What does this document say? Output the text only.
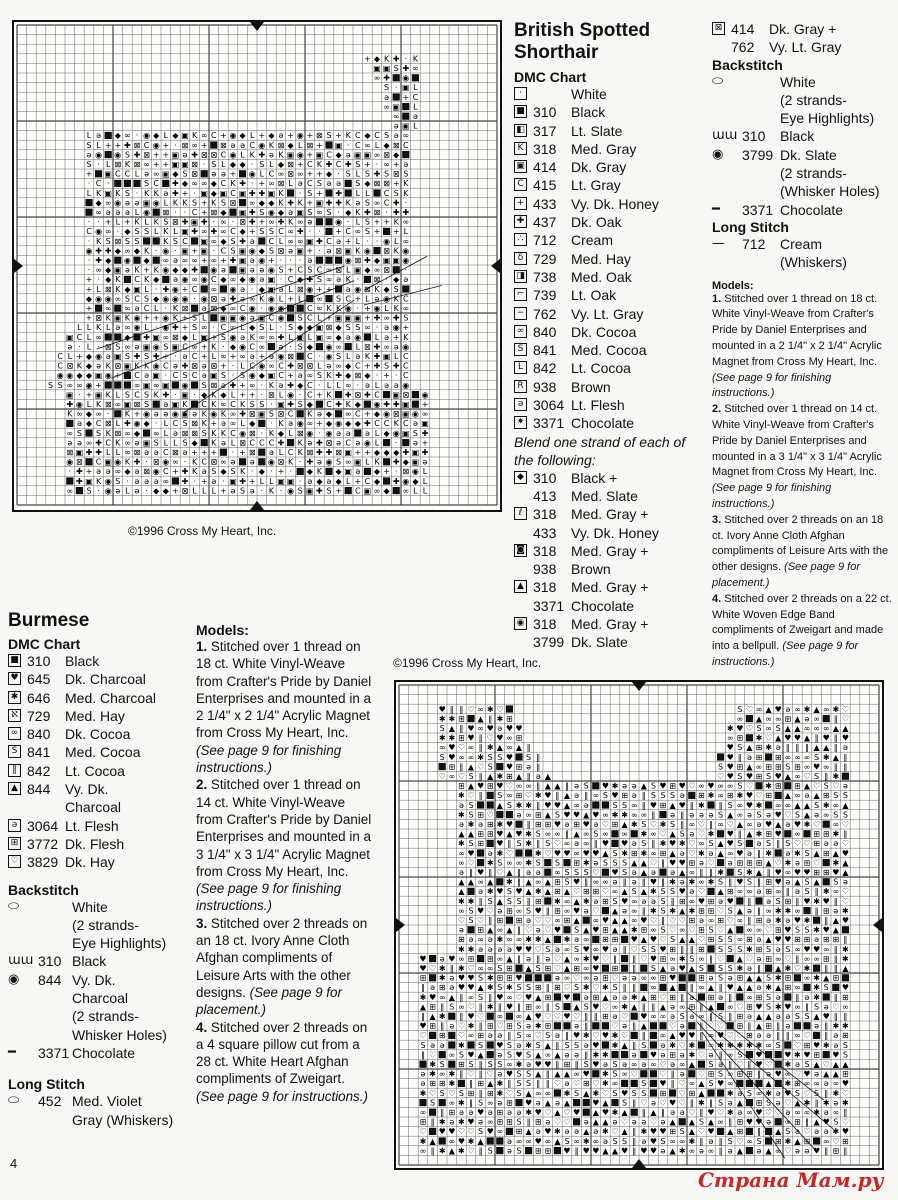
+ ◆ K ✚ · K
▣ ▣ S ✚ ∞
∞ ✚ ◉
S · ▣ L
ə + C
∞ ▣ L
∞ ə
ə ▣ L
L ə ◆ ∞ · ◉ ◆ L ◆ ▣ K ∞ C + ◉ ◆ L + ◆ ə + ◉ + ⊠ S + K C ◆ C S ə ∞
S L + + ✚ ⊠ C ◉ + · ⊠ ∞ + ⊠ ə ə C ◉ K ⊠ ◆ L ⊠ + ▣ · C ∞ L ◆ ⊠ C
ə ◉ ◉ S ✚ ⊠ + + ▣ ə ✚ ⊠ ⊠ C ◉ L K ✚ ə K ▣ ◉ + ▣ C ◆ ə ▣ ▣ ∞ ⊠ ◆
S · L ⊠ K ⊠ ∞ + + ▣ ▣ ⊠ · S L ◆ ◆ · S L ◆ ⊠ + C K ✚ C ✚ S + · ∞ + ə
+ ▣ C C L ə ∞ ▣ ◆ S ⊠ ə ə + ◉ L C ∞ ⊠ ∞ + + ◆ · S L S ✚ S ⊠ S
· C ·	S C ✚ ◆ ∞ ∞ ◆ C K ✚ · + ∞ ⊠ L ə C S ə ə S ◆ ⊠ ⊠ + K
L K ▣ K S · K K ə ✚ + · ▣ ◆ ▣ C ▣ ✚ ✚ ▣ K · S + ✚ L L C S K
◆ ∞ ◉ ə ə ▣ ◉ L K K S + K S ⊠ ∞ ◆ ◆ K ✚ K + ▣ ✚ ✚ K ə S ∞ C ✚ ·
∞ ə ə ə L ◉ ⊠ · · C + ⊠ ◆ ▣ ✚ S ◉ ◆ ə ▣ S ∞ S · ◆ K ✚ ⊠ · ✚ ✚
· · + L + K L K S ⊠ ✚ ▣ ✚ · ∞ · ⊠ ✚ + ∞ ✚ K ∞ ə	◉ · L S + + K ∞
C ◉ ∞ · ◆ S S L K L ▣ ✚ ∞ ✚ ∞ C ◆ + S S C ∞ ✚ · · + C ∞ S + + L
· K S ⊠ S S	K S C ▣ ∞ ◆ S ✚ ə C L ∞ ∞ ▣ ✚ C ə + L · · ◉ L ∞
◉ ✚ ✚ ◆ ∞ ◆ K · ◉ · ▣ + ▣ · C S ▣ ◉ ◆ S ⊠ ə ▣ + · ə ⊠ ▣ K ◉ ⊠ K ◉
· ✚ ◆ ◉ ◆ ∞ ə ∞ ∞ + ∞ + ✚ ▣ ə ◉ + · · · ə	◉ ⊠ ✚ ◆ ▣ ▣ ◉
· ∞ ◆ ▣ ə K + K ◉ ◆ ◆ ✚ ◉ ə ▣ ə ə ◉ S + C S C ∞ ⊠ L ▣ ◆ ∞ ⊠ ·
+ · ◆ K C K ◆ ə ◉ ∞ ◉ C ◆ ∞ ◆ ◉ ə ▣ · C ◆ ✚ S ∞ ə K · ⊠ · ◆ ə
+ L ⊠ K ◆ ▣ L · ✚ ◉ + C ∞ ◉ ə · ◆ ▣ ə L ⊠ ◉ + + ə ◉ ⊠ K ◆ S
◆ ◉ ◉ ∞ S C S ◆ ◉ ◉ ◉ · ◉ ⊠ ə ✚ ə ∞ K ◉ L + L ∞ S C + L ə ◉ K C
+ ∞ ∞ ə C L · K ⊠ ə ⊠ ◆ ∞ C ◉ · ◉ ◉	C ∞ K K ◉ · + ◉ L K ∞
+ ⊠ K ▣ K ◉ + + ◉ K + S L ▣ ▣ ◉ ə ▣ C ◉ S C L + ▣ ▣ ▣ + ✚ ∞ ✚ S
L L K L ə ∞ ◉ L · ◉ ✚ + S ∞ · C ∞ L ◆ S L · S ◆ ◆ ▣ ⊠ ◆ S S ∞ · ə ◉ +
▣ C L ∞	◆ ✚ ▣ ∞ ⊠ ◆ L ▣ + S ◉ ə K ∞ ∞ ✚ L ▣ L ▣ ∞ ◆ ə ◉ L ə + K
ə · L · ⊠ S ∞ ə ▣ ◉ S ▣ C ∞ + K · ◆ ◉ C ∞ ə · S ◆ ◉ ∞ L ⊠ ✚ ∞ ə ◉
C L + ◆ ◉ ə ▣ S ✚ S ✚ + · ə C + L ∞ + ∞ ə + ə ◉ ⊠ C · ◉ S L ə K ✚ ▣ L C
C ⊠ K ◆ ə K ⊠ ▣ K K ◉ C ə ✚ ⊠ ə ⊠ + · L C ◉ ∞ C ✚ ⊠ ⊠ L ə ∞ ◆ C + ✚ S ✚ C
◉ ◉ ◆ ◆ ▣ ◉ + C ə ▣ · C S C ə ▣ S · S ◉ ◆ ▣ C + ə ∞ S K ✚ ◆ ⊠ ◆ · + · C
S S ∞ ∞ ◉ +	∞ ▣ ∞ ▣ ◉ S ⊠ ə ✚ + ∞ · K ə ✚ ◆ C · L L ∞ · ə L ə ə ◉
▣ · + ▣ K L S C S K ✚ · ▣ · ◆ K ◆ L + + · ⊠ L ◉ · C + K ✚ ⊠ ✚ C ▣ ⊠ ◉
✚ ◉ L K ⊠ ∞ ▣ ⊠ S ə ▣ K C K ∞ C K S S · ▣ ✚ S ◆ C ✚ K ◆ ◉ ✚ ✚ ▣ +
K ∞ ◆ ∞ · K + ◉ ə ə ◉ ▣ ə K ◉ K ∞ ✚ ⊠ ▣ S ⊠ C K ə ◆ ∞ C + ◆ ◉ ⊠ ▣ ◉ ∞
ə ◆ C ⊠ L ✚ ◉ ◆ · L C S ⊠ K + ə ∞ L ◆ · K ə ◉ ∞ + ◆ ◉ ◆ ◆ ✚ C C K C ə ▣
∞ S S K ⊠ ∞ ◆ ∞ L ə ⊠ ⊠ S K K C ◉ ⊠ · K ◆ L ⊠ ◉ · ◉ ə ə ə L ◆ ◉ ▣ S ✚
ə ə ∞ ✚ C K ∞ ə ▣ S L L S ◆ K ə L ⊠ C C C ✚ K ə ✚ ⊠ ə C ə ◉ L · ə +
⊠ ▣ ✚ ✚ L L ∞ ⊠ ə ə C ⊠ ə + + + · + ⊠ ə L C K ⊠ ✚ ✚ ⊠ ▣ + + ◆ ◆ ◆ ✚ ▣ ✚
◉ ⊠ C ▣ ◉ K ✚ · ⊠ ◉ ∞ · K C ⊠ ∞ ə ə ◉ ⊠ K · ✚ ə ◉ S ∞ ▣ L K ✚ ◆ ▣ ə
· ✚ + ə ə ∞ ◆ ə ⊠ ◉ C + ✚ K ə S ◆ S K · ◆ · + · ◆ K ◆ ▣ ə ◆ + · ⊠ ◉ L
✚ ▣ K ◉ S · ə ə ə ∞ ✚ · + ə · ▣ ✚ + L L ▣ ▣ · ə ◆ ə ◆ L + C ◆ ✚ ◉ ◆ L
∞ S · ◉ ə L ə · ◆ ◆ + ⊠ L L L + ə S ə · K · ◉ S ▣ ✚ S + C ▣ ∞ ◆ ∞ L L
©1996 Cross My Heart, Inc.
♥ ‖ ‖ ♡ ∞ ✱ ♡	S ♡ ∞ ▲ ♥ ə ∞ ✱ ▲ ∞ ✱ ♡
✱ ✱ ⊞ ▲ ‖ ✱ ⊞	∞ ▲ ∞ ∞ ⊞ ▲ ə ∞ ‖ ♡
S ▲ ‖ ♥ ∞ ♥ ə ♥ ♥	✱ ♥ ♡ S ∞ S ▲ ▲ ∞ ∞ ∞ ▲ ▲
✱ ✱ ⊞ ♥ ‖ ♡ ♥ ∞ ⊞	∞ ⊞ ✱ ♡ ▲ ♥ ♥ ▲ ‖ ♥ ‖ ♥
∞ ♥ ♡ ∞ ‖ ✱ ▲ ∞ ▲ ‖	♥ S ▲ ⊞ ✱ ə ‖ ‖ ‖ ▲ ▲ ‖ ə
S ♥ ∞ ∞ ✱ S S ♥ S ‖	♥ ‖ ə ⊞ ⊞ ∞ ∞ ∞ S ✱ ▲ ‖
⊞ ‖ ▲ ♡ S ♥ ⊞ ə ‖	S ♥ ⊞ ▲ ∞ ⊞ ⊞ S ⊞ ∞ ♥ ∞ ‖ ‖
♡ ∞ ♡ S ‖ ▲ ✱ ⊞ ▲ ‖ ə ▲	♡ ♥ S ♥ ⊞ S ♥ ▲ ∞ ♡ S ‖ ✱
⊞ ▲ ♥ ⊞ ♥ ♡ ∞ ∞ ‖ ▲ ▲ ‖ ə S ♥ ✱ ə ə ▲ S ♥ ⊞ ♥ ♡ ∞ ♥ ∞ ∞ S ♡ ✱ ⊞ ⊞ ▲ ♡ S ♡ ə
✱ ♡ ‖ S ∞ ⊞ ♡ ✱ ♥ ‖ ▲ ə ‖ ∞ S ♥ ⊞ ə ‖ S S S ə ⊞ ✱ ∞ ⊞ ✱ ♥ ♡ ⊞ ▲ ∞ ə ▲ ⊞ S S
ə S	▲ S ✱ ✱ ‖ ♥ ♥ ▲ ∞ ə	S S ∞ ‖ ♥ ⊞ ▲ ♥ ‖ ✱ ‖ S ∞ ♥ ✱ ∞ ∞ ▲ ▲ S ✱ ∞ ▲
✱ S ⊞ ♡	ə ∞ ⊞ ▲ S ♥ ♥ ▲ ♥ ∞ ✱ ✱ ∞ ∞ ‖ ə ‖ ə ə ə S ▲ ∞ ə S ə ♥ ♡ S ▲ ə ∞ S S
ə ✱ ə ⊞ ✱ ♥ ‖ ⊞ ⊞ ♥ ə ⊞ ♥ ə ♡ ⊞ ▲ ✱ S ♡ ✱ S ‖ ∞ ♡ ‖ ∞ ♡ ▲ ∞ ə ♥ ▲ ə ♥ ✱ ♡ ∞ ♡
▲ ▲ ⊞ ⊞ ♥ ▲ ♥ ✱ S ∞ ∞ ‖ ▲ ∞ S ∞ ∞ ✱ ∞ ♡ ▲ S ə ♡ ✱ ♥ ‖ ▲ ✱ ⊞ ♥ ∞ ⊞ ⊞ ✱ ‖
✱ S ⊞ ♥ ‖ S ✱ ‖ S ♡ ∞ ə ∞ ‖ ♥ ♥ ə S ‖ ✱ ♥ ✱ ♡ ∞ S ▲ ♥ S ə S ‖ S ♡ ♡ ⊞ ə ə ♡
∞ ♥ ə ✱ ♡	✱ ♡ ♥ ♥ ∞ ♥ ♥ ▲ S ✱ ⊞ ✱ ∞ ⊞ ▲ ə ♡ ✱ ə ▲ ∞ ♥ ə ‖ ✱ ə ✱ S ▲ ⊞ ▲ ♥
∞ ♡ ✱ S ∞ ∞ ✱ S S ⊞ ✱ ə S S S ▲ ▲ ♡ ‖ ♥ ♥ ⊞ ə ♡ ə ⊞ ⊞ ⊞ ▲ ♡ ✱ ə ⊞ ♡ ✱ ▲
ə ‖ ♥ ‖ ♡ ▲ ‖ ə ə ∞ S S S ♡ ♥ S ə ▲ ə ə ▲ ∞ ‖ ‖ ✱ S ✱ ▲ ‖ ♥ ∞ ♥ ♥ ⊞ ⊞ ♥ ▲
▲ ▲ ∞ ▲ ✱ ‖ ▲ ∞ ▲ ⊞ S ♥ ‖ ∞ ∞ ə ‖ ə ‖ ♥ ‖ ✱ ə ✱ ∞ ✱ S ‖ ♥ S ‖ ⊞ ♥ ə ▲ S ▲ S ə
▲ ə ✱ ♥ S ♥ ▲ ✱ ▲ ⊞ ▲ ♡ ⊞ ⊞ ♡ ∞ ▲ S ▲ ✱ S S ♥ ə ♡ ▲ ⊞ ∞ ∞ ə ⊞ ∞ ‖ ə S ‖ ✱ ∞ ♡
✱ ✱ ‖ S ▲ S S ‖ ⊞ ✱ ∞ ▲ ✱ ə ⊞ S ♥ ∞ ə ə S ‖ ⊞ ∞ ♥ ⊞ ə ♥ ‖ ə S ⊞ ‖ ♥ ✱ ♥ ‖ ♡
∞ S ♥ ♡ ə ⊞ ∞ S ♥ ‖ ⊞ ∞ ♥ ə ♡ ▲ ə ∞ ‖ ✱ S ✱ ▲ ✱ ⊞ ⊞ ♡ S ▲ ə ‖ ∞ ✱ ✱ ∞ ‖ ⊞ ə ✱
♡ S ♡ ‖ ⊞ ⊞ ə ♡ ♡ ∞ ⊞ ▲ ∞ ♥ ▲ ▲ ∞ ♥ ♡ ‖ ♡ ♡ ⊞ ə ∞ ⊞ ♡ ∞ ‖ ⊞ ə ✱ ə ♥ ✱ ‖ ▲ ♥
ə ⊞ ▲ ∞ ▲ ‖ ♡ ə ♡ ♥ S ▲ ♥ ⊞ ▲ ▲ ✱ ⊞ ∞ S ♡ ∞ ♡ ⊞ S ♡ ▲ ∞ ∞ ♡ ⊞ ♥ S S ✱ ♥ ▲
⊞ ə ∞ ə ✱ ∞ ∞ ✱ ✱ ▲ ✱ ə ∞ ⊞ ⊞ ♥ ▲ ♥ ♡ S ▲ ▲ ♡ ⊞ S S ∞ ⊞ ə ▲ ♥ ♥ ⊞ ⊞ ə ⊞ ⊞ ‖
✱ ✱ ə ə ə ə ♥ ♥ ♡ S ə ∞ S ♥ ∞ ♥ ə ‖ ♡ S S ♥ ⊞ ‖ ‖ ⊞ S S S ✱ ⊞ S ə S ∞ ♥ ♥ ∞ ‖ ✱
♥ ə ♥ ∞ ⊞ ⊞ ∞ ▲ ‖ ə ‖ ə ♡ ▲ ∞ ✱ ♥ ♡ ‖ ‖ ♡ ♥ ⊞ ∞ ✱ S ∞ ‖ ♡ ▲ ♡ ə ⊞ ∞ ♡ ‖ ∞ ∞ ⊞ ‖ ✱
♥ ♡ ✱ ‖ ✱ ♡ ∞ ∞ S ⊞ ▲ S ⊞ ♡ ▲ ⊞ ∞ ♥ ⊞ ‖ S ▲ ə ♥ ▲ S S S ✱ ə ‖ ▲ ✱ ♡ ✱ ‖ ‖ ▲
⊞ ✱ ə ♥ ♥ S ✱ ⊞ ⊞ ♥	ə ∞ ♡ ∞ ə ⊞ ♡ ə ə ∞ ∞ ⊞ ♥	⊞ ə S ə ⊞ ▲ ▲ S ✱ ⊞ ∞ ✱ ▲ ⊞
‖ ə ⊞ ə ♥ ♥ ▲ ✱ S ✱ S S ⊞ ‖ ⊞ ♡ S ✱ ♡ ✱ S ‖ ‖ ∞ ▲ ‖ ∞ ▲ ‖ ♥ ▲ ▲ ə ✱ ▲ ⊞ ∞ ✱ S ♥
✱ ♥ ∞ ▲ ‖ ∞ S ‖ ♥ ∞ ♡ ♥ ▲ ⊞ ♥ ə ⊞ ▲ ə ə ✱ ▲ ⊞ ♡ ⊞ ‖ ə ⊞ ə ‖ ∞ ⊞ S ə ‖ ə ✱ ‖ ⊞
▲ ⊞ ‖ S ∞ ♡ ‖ ✱ ‖ ♥ ‖ ⊞ ∞ ‖ S ▲ S ♥ ♡ ∞ ✱ ▲ ‖ ‖ ▲ ə ∞ ⊞ ‖ ▲ ∞ ♡ ⊞ ♥ S ✱ ♥ ∞ ‖ S ə ♡ ∞
‖ ▲ ✱ ‖ ♥ ♡ ∞ ∞ ▲ ♥ ♡ ♡ ♥ ♡ ‖ ‖ ⊞ ə ♡ ♥ ∞ ∞ ə S ə ∞ ‖ S ‖ ⊞ ə ▲ ▲ ə ə S S ▲ ♥ ‖ ‖
♥ ⊞ ‖ ə ♡ ✱ ‖ ⊞ ♡ ⊞ S ə ✱ ⊞	ə ‖	♡ ə ‖ ▲	♡ ə ‖ ♡ ♡ ⊞ ‖ ▲ ⊞ ‖ ə	ə ‖ ✱ ✱
♡ ⊞ ♡ ∞ ⊞ ə ə ‖ S ∞ ♡ S ə ‖ ♥ ✱ ♡ ♥ ✱ ♡ ‖ ∞ ▲ ♥ ♥ ‖ ∞ ♥ ♡ ♡ ⊞ ə ə ‖ ‖ ∞ ♡ ‖ ə ⊞
S ə ə ✱ S ♥ S ə ✱ S ▲ ‖ S S ə ♥ ✱ ▲ ‖ S ə ✱ ♡ ✱ ∞ ✱ ✱ ✱ ✱ ✱ ∞ S ♡ ⊞ ♥ ✱ ə S
‖ ♡ ∞ S ♥ ▲ ə S ♥ S ▲ ∞ ▲ ə ə ‖ ✱ ✱	ə ♥ ə ⊞ ə ✱ ♡ ə ‖ ∞ S ♥	♥ ✱ ♥ ⊞ ♥ S
✱ S ⊞ S ‖ S S ∞ ✱ ə ♥ ♥ ‖ ⊞ ‖ S ♥ ə S ə ∞ ə ∞ ♡ ə ∞ ▲ S ə ‖ ♡ ‖ ♥ ♡ ✱ ə S ▲ ♡ ▲ ▲
ə ✱ ∞ ✱ ‖ ♡ ‖ ♡ ə ♥ S S ▲ ‖ ▲ ▲ ∞ ♥ ✱ S ∞ ♡	♡ ‖ ə ♡ ⊞ S ∞ ⊞ ⊞ ‖ ə ♥ ∞ ♡ ♥ ə ▲ ▲ ⊞
ə ⊞ ⊞ ✱ ‖ ⊞ ▲ ✱ ‖ S S ‖ ‖ ♡ ə ♡ ⊞ ♡ ✱ ∞	S ♥ ‖ ♡ ∞ ▲ S ♥ ∞	▲ ✱ ⊞ ∞ ∞ ə ∞ ♥
✱ ♡ S ♡ S ⊞ ‖ ⊞ ✱ ♡ S ▲ ∞ ∞ ✱ S ▲ ✱ ♡ S ♥ S S ⊞ ♡ ⊞ ▲	✱ ə S ∞ ✱ ə ♥ S ♡ S ‖ ✱ ♡
S ∞ ✱ ‖ S ∞ ə ⊞ ♥ ə ▲ ə ▲	♥ ▲ S ‖ ♡ ə ♡ ♥ ♡ ‖ ✱ ‖ S ə ▲ ⊞ S ə ♡ ▲ ✱ ‖ ✱ ə ✱
∞ ‖ ⊞ ə ə ♥ ə ⊞ ə ə ✱ ♥ ♡ ▲ ♡ ♥ ▲ ♥ ✱ ▲ ‖ ▲ ‖ ə ə ♡ ‖ ♥ ♡ ✱ ə ∞ ♥ ♡ ♡ ə ∞ ∞ ✱ ə ∞ ‖
⊞ ‖ ✱ ə ✱ ♥ ə ∞ ⊞ ⊞ S ‖ ⊞ ə ♡ ♡ ə ▲ ▲ ə ♡ ə ə ♡ ə ▲ ▲ S ▲ ∞ ‖ ⊞ ♥ ♥ ə ∞ ⊞ ‖ ▲ ♥ S ♡
♡ ♥ ♥ ♡ ♡ S ♥ ∞ ⊞ ▲ ə ♥ ✱ ə ə ▲ ə ✱ ♡ ▲ ‖ ✱ ♥ ♥ ⊞ S ▲ ♡ ♥ ▲ ⊞ ‖ ▲ S ə ♡ ə ə ✱ ♥
✱ ▲ ∞ ♥ ✱ ▲	ə ∞ ∞ ♥ ∞ ▲ S ∞ ✱ ∞ ə S S ‖ ə ♥ S ∞ ∞ ✱ ‖ ə ‖ S ♡ ∞ S ⊞ ✱ ▲ ⊞ ∞ ♡ ⊞
∞ ‖ ✱ ▲ ✱ ♡ ‖ S ə S ⊞ ⊞ ♥ ‖ ♥ ♥ ▲ ▲ ♥ ‖ ♥ ♥ ə ▲ ✱ ∞ ə ∞ ‖ ə ▲ ə ▲ ∞ ♡ ə ə ♥ ‖ ⊞ ‖
©1996 Cross My Heart, Inc.
British Spotted
Shorthair
DMC Chart
·	White
■ 310	Black
◧ 317	Lt. Slate
K 318	Med. Gray
▣ 414	Dk. Gray
C 415	Lt. Gray
+ 433	Vy. Dk. Honey
✚ 437	Dk. Oak
∴ 712	Cream
δ 729	Med. Hay
◨ 738	Med. Oak
⌐ 739	Lt. Oak
− 762	Vy. Lt. Gray
∞ 840	Dk. Cocoa
S 841	Med. Cocoa
L 842	Lt. Cocoa
R 938	Brown
ə 3064 Lt. Flesh
✷ 3371 Chocolate
Blend one strand of each of the following:
◆ 310	Black +
413	Med. Slate
ℓ 318	Med. Gray +
433	Vy. Dk. Honey
◙ 318	Med. Gray +
938	Brown
▲ 318	Med. Gray +
3371 Chocolate
◉ 318	Med. Gray +
3799 Dk. Slate
⊠ 414	Dk. Gray +
762	Vy. Lt. Gray
Backstitch
⬭	White
(2 strands-
Eye Highlights)
ɯɯ 310	Black
◉	3799 Dk. Slate
(2 strands-
(Whisker Holes)
━	3371 Chocolate
Long Stitch
—	712	Cream
(Whiskers)
Models:
1. Stitched over 1 thread on 18 ct. White Vinyl-Weave from Crafter's Pride by Daniel Enterprises and mounted in a 2 1/4" x 2 1/4" Acrylic Magnet from Cross My Heart, Inc. (See page 9 for finishing instructions.)
2. Stitched over 1 thread on 14 ct. White Vinyl-Weave from Crafter's Pride by Daniel Enterprises and mounted in a 3 1/4" x 3 1/4" Acrylic Magnet from Cross My Heart, Inc. (See page 9 for finishing instructions.)
3. Stitched over 2 threads on an 18 ct. Ivory Anne Cloth Afghan compliments of Leisure Arts with the other designs. (See page 9 for placement.)
4. Stitched over 2 threads on a 22 ct. White Woven Edge Band compliments of Zweigart and made into a bellpull. (See page 9 for instructions.)
Burmese
DMC Chart
■ 310	Black
♥ 645	Dk. Charcoal
✱ 646	Med. Charcoal
ℵ 729	Med. Hay
∞ 840	Dk. Cocoa
S 841	Med. Cocoa
‖ 842	Lt. Cocoa
▲ 844	Vy. Dk.
Charcoal
ə 3064 Lt. Flesh
⊞ 3772 Dk. Flesh
♡ 3829 Dk. Hay
Backstitch
⬭	White
(2 strands-
Eye Highlights)
ɯɯ 310 Black
◉	844 Vy. Dk.
Charcoal
(2 strands-
Whisker Holes)
━	3371 Chocolate
Long Stitch
⬭	452 Med. Violet
Gray (Whiskers)
Models:
1. Stitched over 1 thread on 18 ct. White Vinyl-Weave from Crafter's Pride by Daniel Enterprises and mounted in a 2 1/4" x 2 1/4" Acrylic Magnet from Cross My Heart, Inc. (See page 9 for finishing instructions.)
2. Stitched over 1 thread on 14 ct. White Vinyl-Weave from Crafter's Pride by Daniel Enterprises and mounted in a 3 1/4" x 3 1/4" Acrylic Magnet from Cross My Heart, Inc. (See page 9 for finishing instructions.)
3. Stitched over 2 threads on an 18 ct. Ivory Anne Cloth Afghan compliments of Leisure Arts with the other designs. (See page 9 for placement.)
4. Stitched over 2 threads on a 4 square pillow cut from a 28 ct. White Heart Afghan compliments of Zweigart. (See page 9 for instructions.)
4
Страна Мам.ру
